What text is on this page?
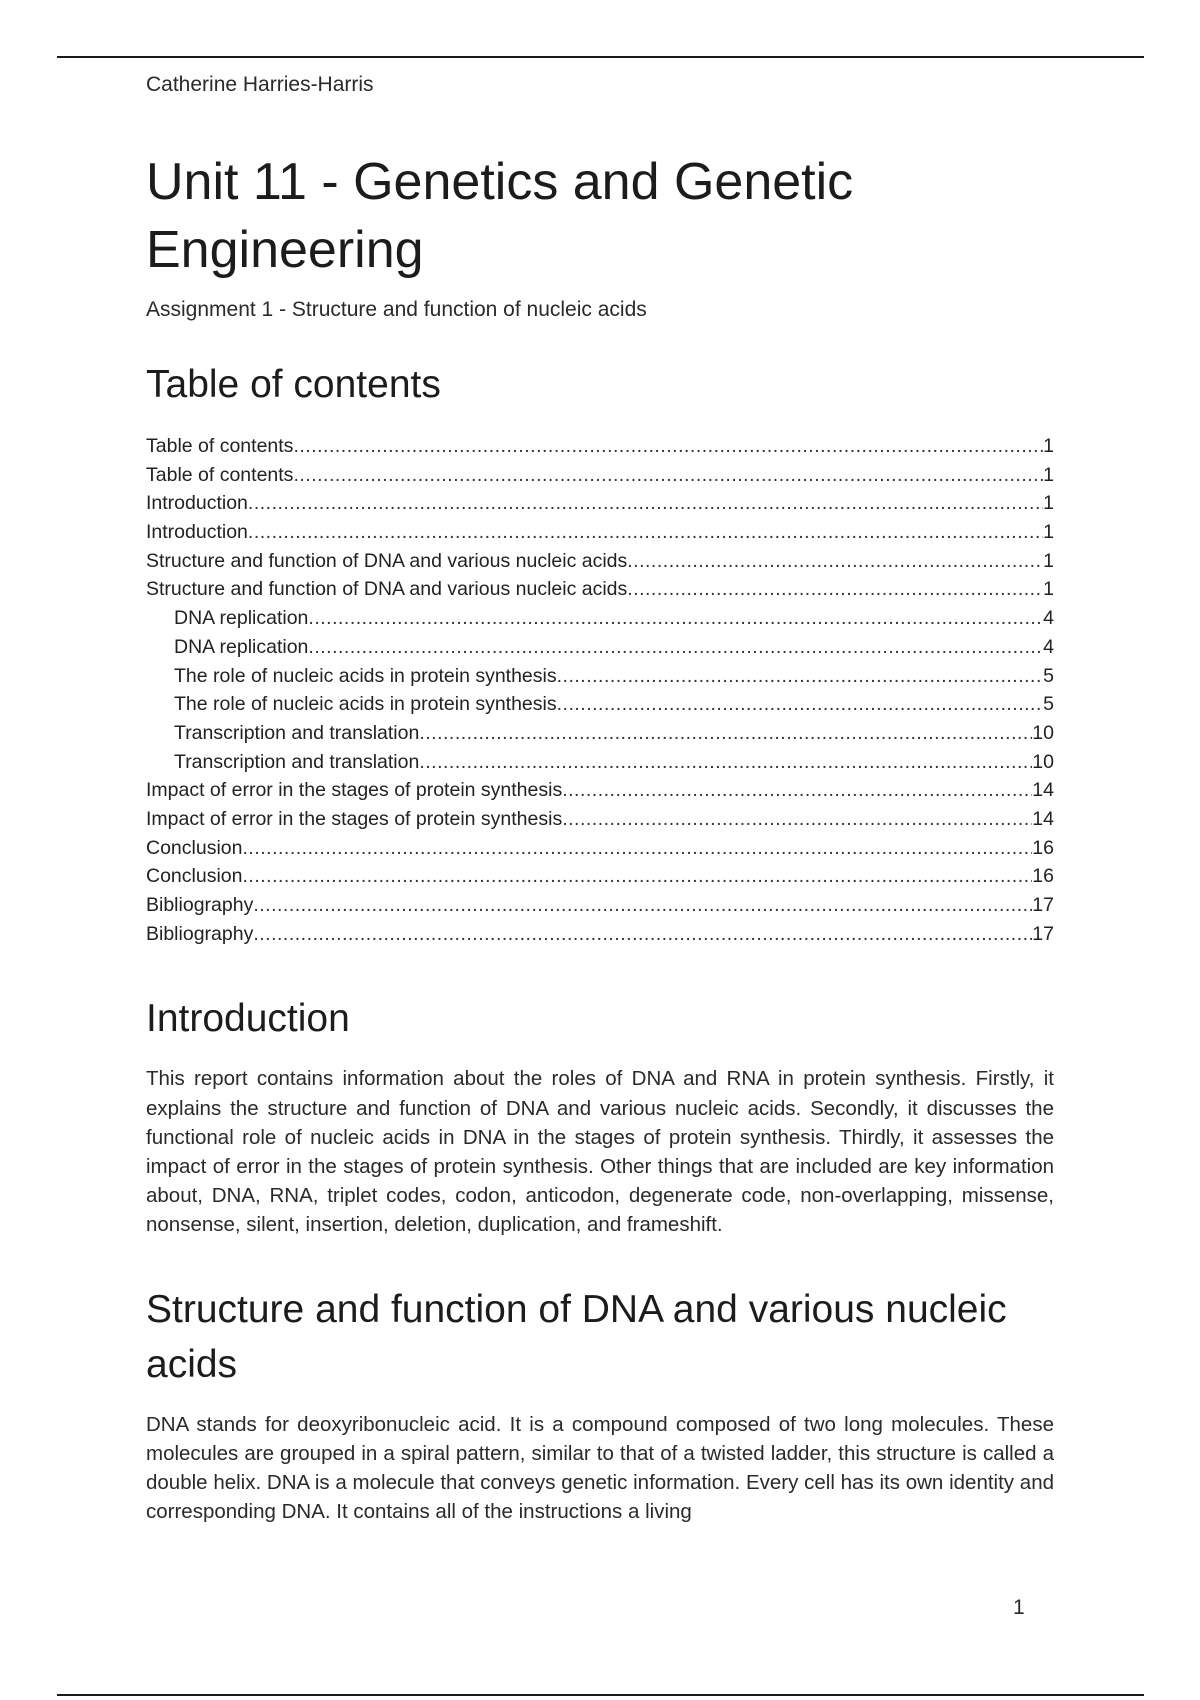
Catherine Harries-Harris
Unit 11 - Genetics and Genetic Engineering
Assignment 1 - Structure and function of nucleic acids
Table of contents
Table of contents .....	1
Table of contents .....	1
Introduction .....	1
Introduction .....	1
Structure and function of DNA and various nucleic acids .....	1
Structure and function of DNA and various nucleic acids .....	1
DNA replication .....	4
DNA replication .....	4
The role of nucleic acids in protein synthesis .....	5
The role of nucleic acids in protein synthesis .....	5
Transcription and translation .....	10
Transcription and translation .....	10
Impact of error in the stages of protein synthesis .....	14
Impact of error in the stages of protein synthesis .....	14
Conclusion .....	16
Conclusion .....	16
Bibliography .....	17
Bibliography .....	17
Introduction

This report contains information about the roles of DNA and RNA in protein synthesis. Firstly, it explains the structure and function of DNA and various nucleic acids. Secondly, it discusses the functional role of nucleic acids in DNA in the stages of protein synthesis. Thirdly, it assesses the impact of error in the stages of protein synthesis. Other things that are included are key information about, DNA, RNA, triplet codes, codon, anticodon, degenerate code, non-overlapping, missense, nonsense, silent, insertion, deletion, duplication, and frameshift.

Structure and function of DNA and various nucleic acids

DNA stands for deoxyribonucleic acid. It is a compound composed of two long molecules. These molecules are grouped in a spiral pattern, similar to that of a twisted ladder, this structure is called a double helix. DNA is a molecule that conveys genetic information. Every cell has its own identity and corresponding DNA. It contains all of the instructions a living

1
